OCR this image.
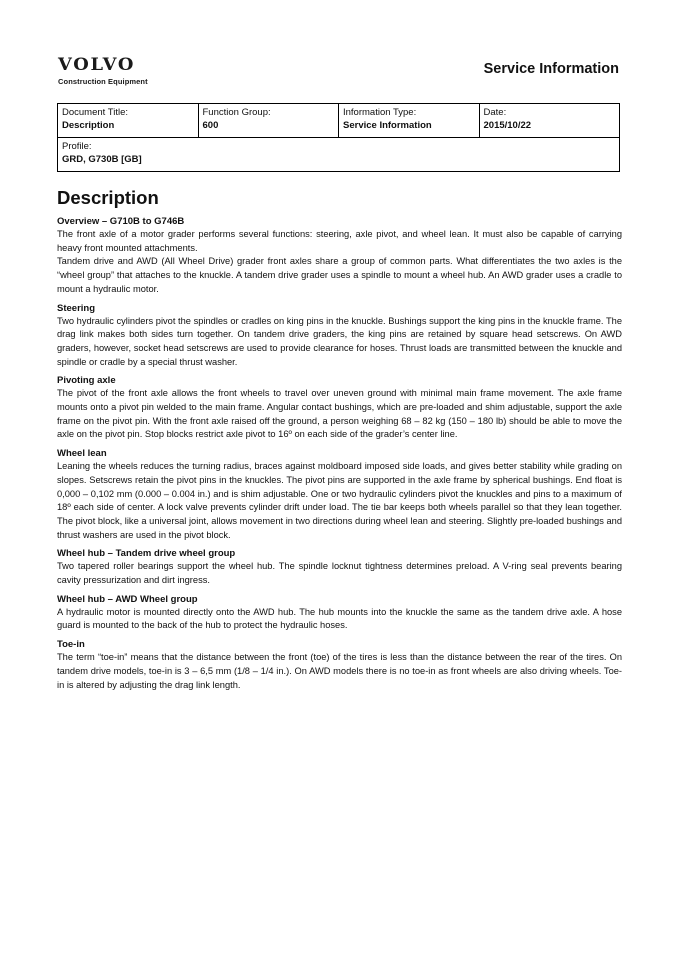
VOLVO
Construction Equipment
Service Information
Document Title:
Description

Function Group:
600

Information Type:
Service Information

Date:
2015/10/22

Profile:
GRD, G730B [GB]
Description
Overview – G710B to G746B

The front axle of a motor grader performs several functions: steering, axle pivot, and wheel lean. It must also be capable of carrying heavy front mounted attachments.

Tandem drive and AWD (All Wheel Drive) grader front axles share a group of common parts. What differentiates the two axles is the “wheel group” that attaches to the knuckle. A tandem drive grader uses a spindle to mount a wheel hub. An AWD grader uses a cradle to mount a hydraulic motor.

Steering

Two hydraulic cylinders pivot the spindles or cradles on king pins in the knuckle. Bushings support the king pins in the knuckle frame. The drag link makes both sides turn together. On tandem drive graders, the king pins are retained by square head setscrews. On AWD graders, however, socket head setscrews are used to provide clearance for hoses. Thrust loads are transmitted between the knuckle and spindle or cradle by a special thrust washer.

Pivoting axle

The pivot of the front axle allows the front wheels to travel over uneven ground with minimal main frame movement. The axle frame mounts onto a pivot pin welded to the main frame. Angular contact bushings, which are pre-loaded and shim adjustable, support the axle frame on the pivot pin. With the front axle raised off the ground, a person weighing 68 – 82 kg (150 – 180 lb) should be able to move the axle on the pivot pin. Stop blocks restrict axle pivot to 16º on each side of the grader’s center line.

Wheel lean

Leaning the wheels reduces the turning radius, braces against moldboard imposed side loads, and gives better stability while grading on slopes. Setscrews retain the pivot pins in the knuckles. The pivot pins are supported in the axle frame by spherical bushings. End float is 0,000 – 0,102 mm (0.000 – 0.004 in.) and is shim adjustable. One or two hydraulic cylinders pivot the knuckles and pins to a maximum of 18º each side of center. A lock valve prevents cylinder drift under load. The tie bar keeps both wheels parallel so that they lean together. The pivot block, like a universal joint, allows movement in two directions during wheel lean and steering. Slightly pre-loaded bushings and thrust washers are used in the pivot block.

Wheel hub – Tandem drive wheel group

Two tapered roller bearings support the wheel hub. The spindle locknut tightness determines preload. A V-ring seal prevents bearing cavity pressurization and dirt ingress.

Wheel hub – AWD Wheel group

A hydraulic motor is mounted directly onto the AWD hub. The hub mounts into the knuckle the same as the tandem drive axle. A hose guard is mounted to the back of the hub to protect the hydraulic hoses.

Toe-in

The term “toe-in” means that the distance between the front (toe) of the tires is less than the distance between the rear of the tires. On tandem drive models, toe-in is 3 – 6,5 mm (1/8 – 1/4 in.). On AWD models there is no toe-in as front wheels are also driving wheels. Toe-in is altered by adjusting the drag link length.
